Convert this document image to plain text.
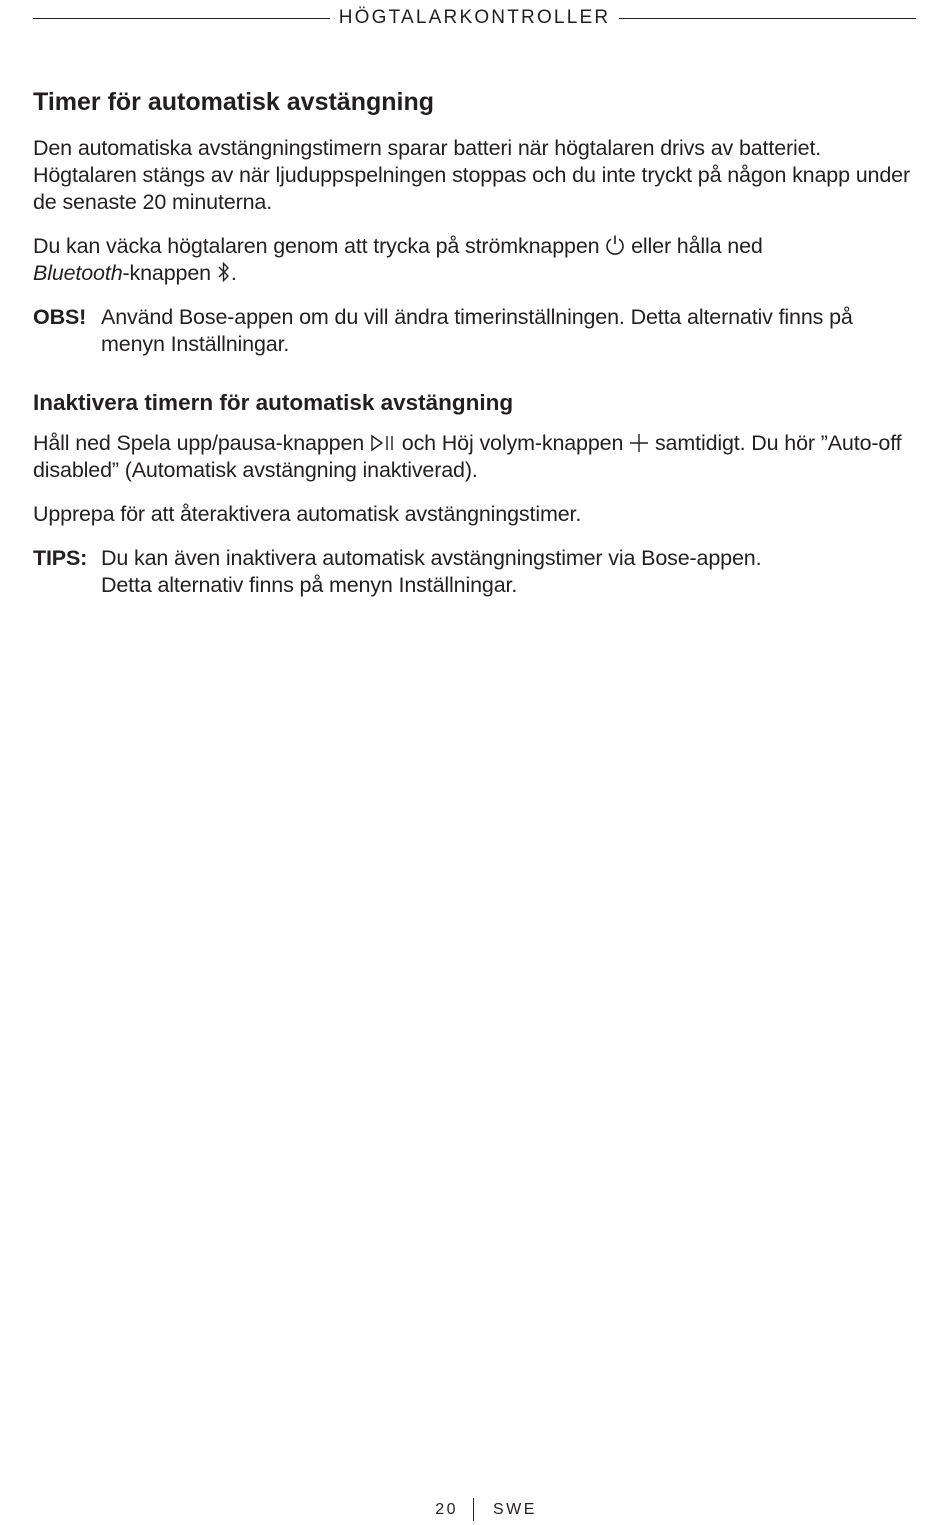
HÖGTALARKONTROLLER
Timer för automatisk avstängning

Den automatiska avstängningstimern sparar batteri när högtalaren drivs av batteriet. Högtalaren stängs av när ljuduppspelningen stoppas och du inte tryckt på någon knapp under de senaste 20 minuterna.

Du kan väcka högtalaren genom att trycka på strömknappen eller hålla ned
Bluetooth-knappen .

OBS! Använd Bose-appen om du vill ändra timerinställningen. Detta alternativ finns på menyn Inställningar.
Inaktivera timern för automatisk avstängning

Håll ned Spela upp/pausa-knappen och Höj volym-knappen samtidigt. Du hör ”Auto-off disabled” (Automatisk avstängning inaktiverad).

Upprepa för att återaktivera automatisk avstängningstimer.

TIPS: Du kan även inaktivera automatisk avstängningstimer via Bose-appen.
Detta alternativ finns på menyn Inställningar.
20 SWE
